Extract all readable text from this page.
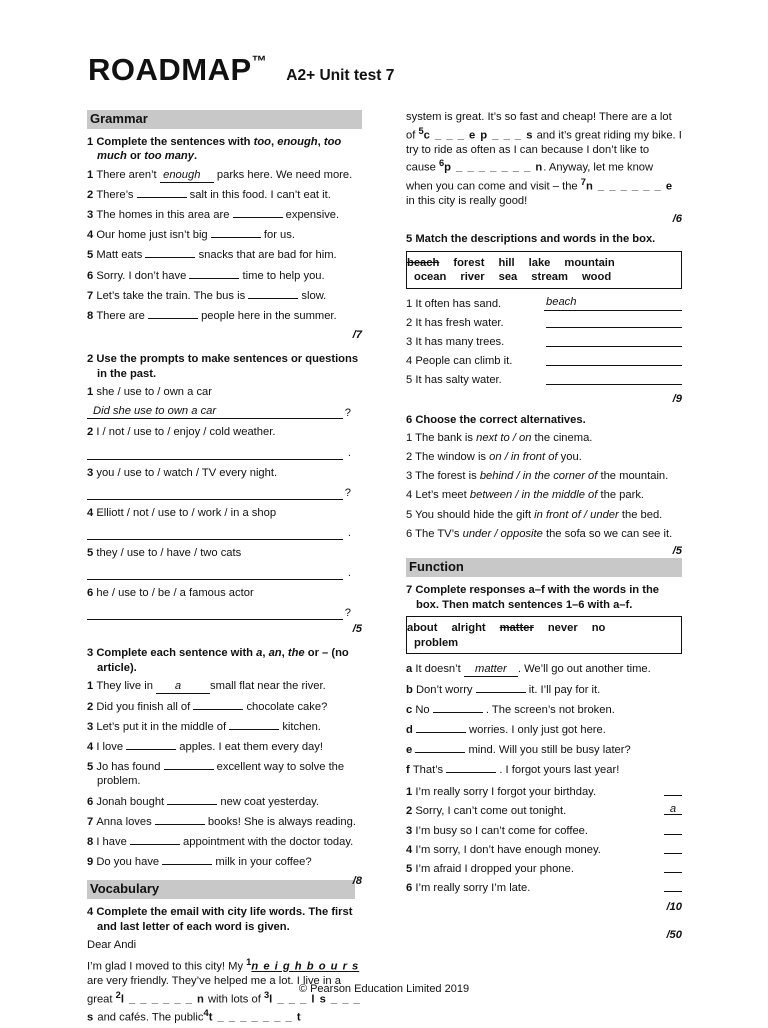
ROADMAP™ A2+ Unit test 7
Grammar
1 Complete the sentences with too, enough, too much or too many.
1 There aren’t enough parks here. We need more.
2 There’s	salt in this food. I can’t eat it.
3 The homes in this area are	expensive.
4 Our home just isn’t big	for us.
5 Matt eats	snacks that are bad for him.
6 Sorry. I don’t have	time to help you.
7 Let’s take the train. The bus is	slow.
8 There are	people here in the summer.
/7
2 Use the prompts to make sentences or questions in the past.
1 she / use to / own a car
Did she use to own a car	?
2 I / not / use to / enjoy / cold weather.
.
3 you / use to / watch / TV every night.
?
4 Elliott / not / use to / work / in a shop
.
5 they / use to / have / two cats
.
6 he / use to / be / a famous actor
?
/5
3 Complete each sentence with a, an, the or – (no article).
1 They live in a	small flat near the river.
2 Did you finish all of	chocolate cake?
3 Let’s put it in the middle of	kitchen.
4 I love	apples. I eat them every day!
5 Jo has found	excellent way to solve the problem.
6 Jonah bought	new coat yesterday.
7 Anna loves	books! She is always reading.
8 I have	appointment with the doctor today.
9 Do you have	milk in your coffee?
/8
Vocabulary
4 Complete the email with city life words. The first and last letter of each word is given.
Dear Andi
I’m glad I moved to this city! My $^1$n e i g h b o u r s are very friendly. They’ve helped me a lot. I live in a great $^2$l _ _ _ _ _ _ n with lots of $^3$l _ _ _ l s _ _ _ s and cafés. The public$^4$t _ _ _ _ _ _ _ t
system is great. It’s so fast and cheap! There are a lot of $^5$c _ _ _ e p _ _ _ s and it’s great riding my bike. I try to ride as often as I can because I don’t like to cause $^6$p _ _ _ _ _ _ _ n. Anyway, let me know when you can come and visit – the $^7$n _ _ _ _ _ _ e in this city is really good!
/6
5 Match the descriptions and words in the box.
beach forest hill lake mountain
ocean river sea stream wood
1 It often has sand.	beach
2 It has fresh water.
3 It has many trees.
4 People can climb it.
5 It has salty water.
/9
6 Choose the correct alternatives.
1 The bank is next to / on the cinema.
2 The window is on / in front of you.
3 The forest is behind / in the corner of the mountain.
4 Let’s meet between / in the middle of the park.
5 You should hide the gift in front of / under the bed.
6 The TV’s under / opposite the sofa so we can see it.
/5
Function
7 Complete responses a–f with the words in the box. Then match sentences 1–6 with a–f.
about alright matter never no
problem
a It doesn’t matter . We’ll go out another time.
b Don’t worry	it. I’ll pay for it.
c No	. The screen’s not broken.
d	worries. I only just got here.
e	mind. Will you still be busy later?
f That’s	. I forgot yours last year!
1 I’m really sorry I forgot your birthday.
2 Sorry, I can’t come out tonight.	a
3 I’m busy so I can’t come for coffee.
4 I’m sorry, I don’t have enough money.
5 I’m afraid I dropped your phone.
6 I’m really sorry I’m late.
/10
/50
© Pearson Education Limited 2019
